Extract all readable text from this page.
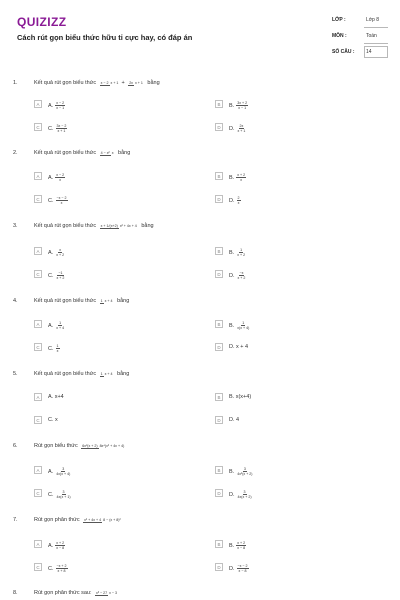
QUIZIZZ
Cách rút gọn biểu thức hữu tỉ cực hay, có đáp án
LỚP :	Lớp 8
MÔN :	Toán
SỐ CÂU : 14
1.	Kết quả rút gọn biểu thức x − 2 x + 1 + 2x x + 1 bằng
A	A. $\frac{x - 2}{x - 1}$	B	B. $\frac{3x + 2}{x - 1}$
C	C. $\frac{3x - 2}{x + 1}$	D	D. $\frac{2x}{x + 1}$
2.	Kết quả rút gọn biểu thức 4 − x² x bằng
A	A. $\frac{x - 2}{x}$	B	B. $\frac{x + 2}{x}$
C	C. $\frac{-x - 2}{x}$	D	D. $\frac{2}{x}$
3.	Kết quả rút gọn biểu thức x + 1/(x+2) x² + 4x + 4 bằng
A	A. $\frac{x}{x + 2}$	B	B. $\frac{1}{x + 2}$
C	C. $\frac{-1}{x + 2}$	D	D. $\frac{-x}{x + 2}$
4.	Kết quả rút gọn biểu thức 1 x + 4 bằng
A	A. $\frac{1}{x + 4}$	B	B. $\frac{1}{x(x + 4)}$
C	C. $\frac{1}{x}$	D	D. x + 4
5.	Kết quả rút gọn biểu thức 1 x + 4 bằng
A	A. x+4	B	B. x(x+4)
C	C. x	D	D. 4
6.	Rút gọn biểu thức 6x²(x + 2) 8x⁴(x² + 4x + 4)
A	A. $\frac{3}{4x(x + 4)}$	B	B. $\frac{3}{\text{4x²(x + 2)}}$
C	C. $\frac{3}{4x(x + 1)}$	D	D. $\frac{3}{4x(x + 2)}$
7.	Rút gọn phân thức x² + 4x + 4 8 − (x + 8)²
A	A. $\frac{x + 2}{x - 8}$	B	B. $\frac{x + 2}{x - 8}$
C	C. $\frac{-x + 2}{x + 8}$	D	D. $\frac{-x - 2}{x - 8}$
8.	Rút gọn phân thức sau: x³ − 27 x − 3
